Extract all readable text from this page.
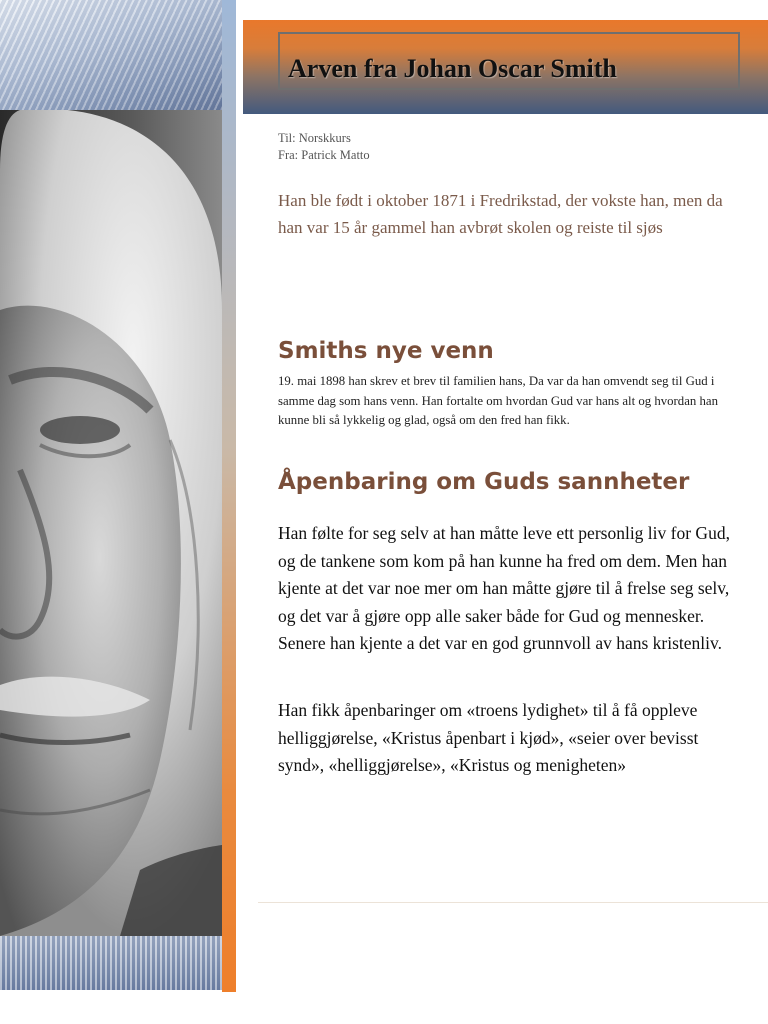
Arven fra Johan Oscar Smith
Til: Norskkurs
Fra: Patrick Matto
Han ble født i oktober 1871 i Fredrikstad, der vokste han, men da han var 15 år gammel han avbrøt skolen og reiste til sjøs
Smiths nye venn
19. mai 1898 han skrev et brev til familien hans, Da var da han omvendt seg til Gud i samme dag som hans venn. Han fortalte om hvordan Gud var hans alt og hvordan han kunne bli så lykkelig og glad, også om den fred han fikk.
Åpenbaring om Guds sannheter
Han følte for seg selv at han måtte leve ett personlig liv for Gud, og de tankene som kom på han kunne ha fred om dem. Men han kjente at det var noe mer om han måtte gjøre til å frelse seg selv, og det var å gjøre opp alle saker både for Gud og mennesker. Senere han kjente a det var en god grunnvoll av hans kristenliv.
Han fikk åpenbaringer om «troens lydighet» til å få oppleve helliggjørelse, «Kristus åpenbart i kjød», «seier over bevisst synd», «helliggjørelse», «Kristus og menigheten»
